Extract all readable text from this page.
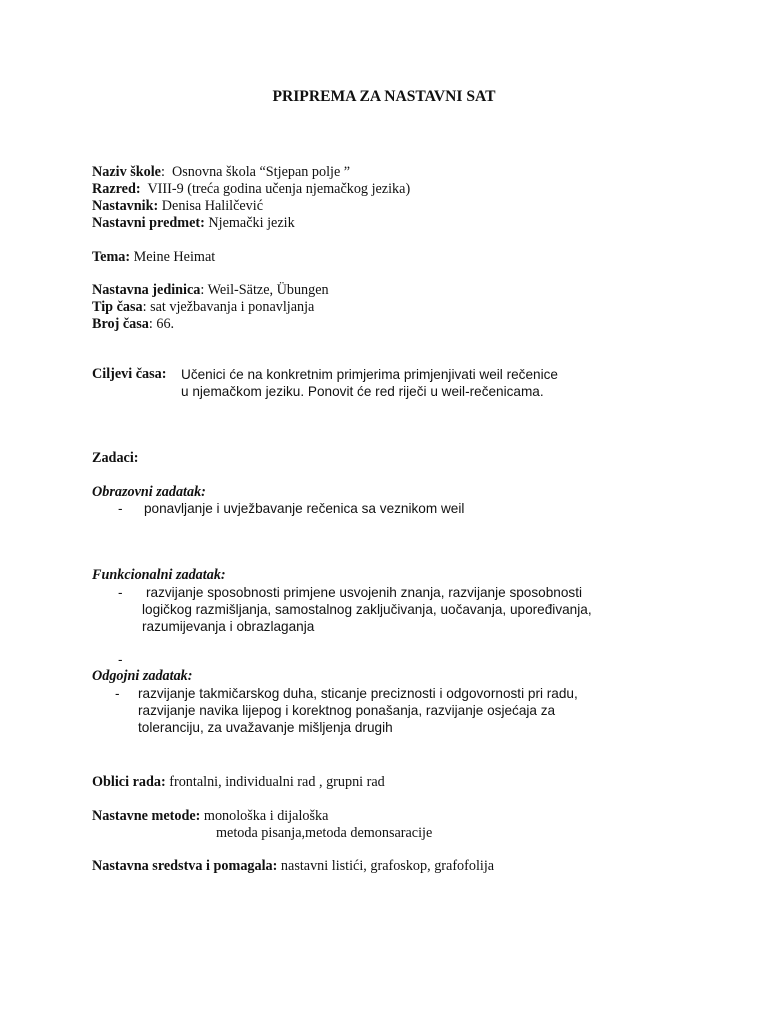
PRIPREMA ZA NASTAVNI SAT
Naziv škole: Osnovna škola “Stjepan polje ”
Razred: VIII-9 (treća godina učenja njemačkog jezika)
Nastavnik: Denisa Halilčević
Nastavni predmet: Njemački jezik
Tema: Meine Heimat
Nastavna jedinica: Weil-Sätze, Übungen
Tip časa: sat vježbavanja i ponavljanja
Broj časa: 66.
Ciljevi časa: Učenici će na konkretnim primjerima primjenjivati weil rečenice
u njemačkom jeziku. Ponovit će red riječi u weil-rečenicama.
Zadaci:
Obrazovni zadatak:
- ponavljanje i uvježbavanje rečenica sa veznikom weil
Funkcionalni zadatak:
- razvijanje sposobnosti primjene usvojenih znanja, razvijanje sposobnosti
logičkog razmišljanja, samostalnog zaključivanja, uočavanja, upoređivanja,
razumijevanja i obrazlaganja
-
Odgojni zadatak:
- razvijanje takmičarskog duha, sticanje preciznosti i odgovornosti pri radu,
razvijanje navika lijepog i korektnog ponašanja, razvijanje osjećaja za
toleranciju, za uvažavanje mišljenja drugih
Oblici rada: frontalni, individualni rad , grupni rad
Nastavne metode: monološka i dijaloška
metoda pisanja,metoda demonsaracije
Nastavna sredstva i pomagala: nastavni listići, grafoskop, grafofolija
